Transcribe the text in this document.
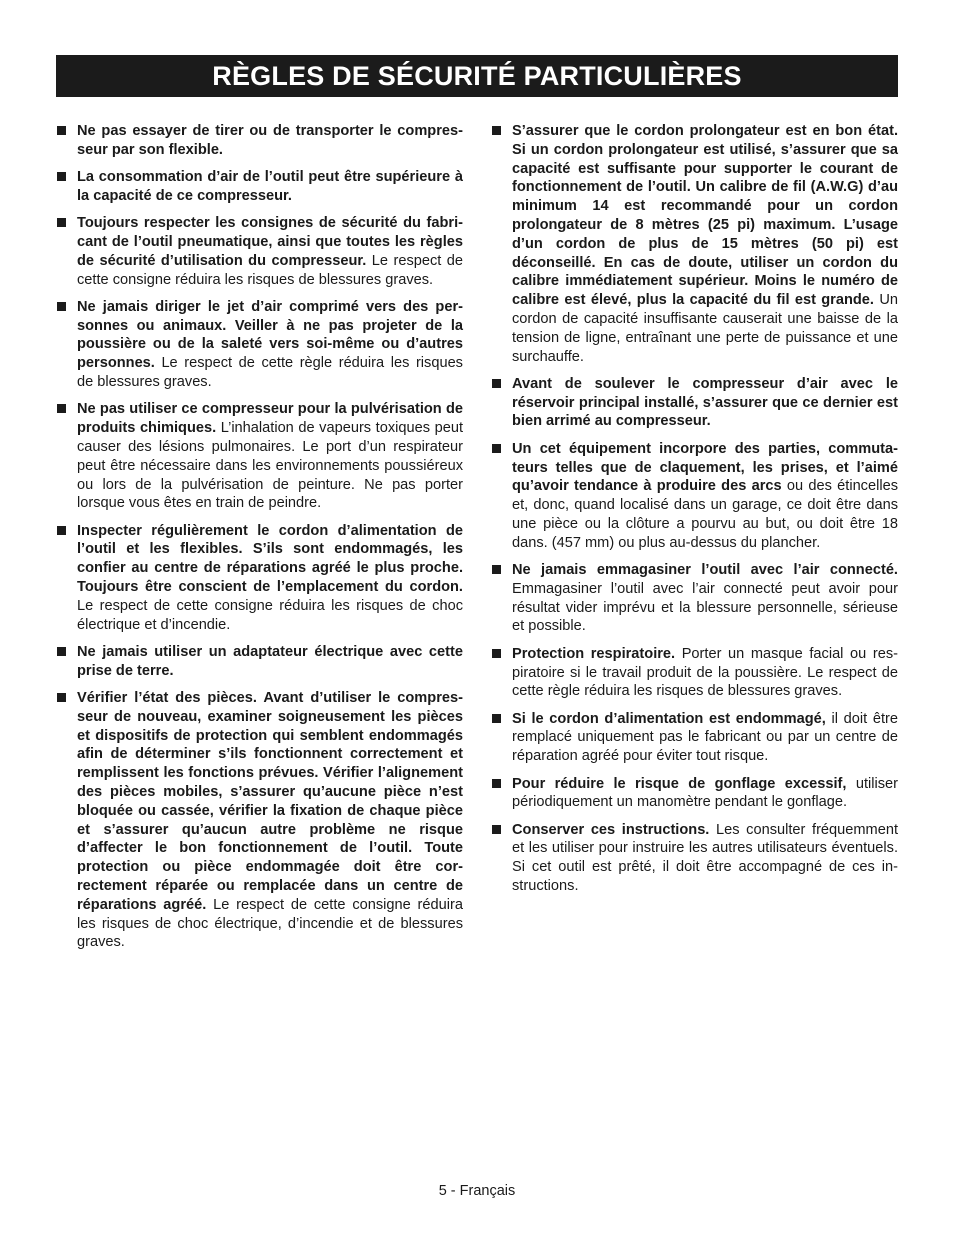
RÈGLES DE SÉCURITÉ PARTICULIÈRES

Ne pas essayer de tirer ou de transporter le compresseur par son flexible.

La consommation d’air de l’outil peut être supérieure à la capacité de ce compresseur.

Toujours respecter les consignes de sécurité du fabricant de l’outil pneumatique, ainsi que toutes les règles de sécurité d’utilisation du compresseur. Le respect de cette consigne réduira les risques de blessures graves.

Ne jamais diriger le jet d’air comprimé vers des personnes ou animaux. Veiller à ne pas projeter de la poussière ou de la saleté vers soi-même ou d’autres personnes. Le respect de cette règle réduira les risques de blessures graves.

Ne pas utiliser ce compresseur pour la pulvérisation de produits chimiques. L’inhalation de vapeurs toxiques peut causer des lésions pulmonaires. Le port d’un respirateur peut être nécessaire dans les environnements poussiéreux ou lors de la pulvérisation de peinture. Ne pas porter lorsque vous êtes en train de peindre.

Inspecter régulièrement le cordon d’alimentation de l’outil et les flexibles. S’ils sont endommagés, les confier au centre de réparations agréé le plus proche. Toujours être conscient de l’emplacement du cordon. Le respect de cette consigne réduira les risques de choc électrique et d’incendie.

Ne jamais utiliser un adaptateur électrique avec cette prise de terre.

Vérifier l’état des pièces. Avant d’utiliser le compresseur de nouveau, examiner soigneusement les pièces et dispositifs de protection qui semblent endommagés afin de déterminer s’ils fonctionnent correctement et remplissent les fonctions prévues. Vérifier l’alignement des pièces mobiles, s’assurer qu’aucune pièce n’est bloquée ou cassée, vérifier la fixation de chaque pièce et s’assurer qu’aucun autre problème ne risque d’affecter le bon fonctionnement de l’outil. Toute protection ou pièce endommagée doit être correctement réparée ou remplacée dans un centre de réparations agréé. Le respect de cette consigne réduira les risques de choc électrique, d’incendie et de blessures graves.

S’assurer que le cordon prolongateur est en bon état. Si un cordon prolongateur est utilisé, s’assurer que sa capacité est suffisante pour supporter le courant de fonctionnement de l’outil. Un calibre de fil (A.W.G) d’au minimum 14 est recommandé pour un cordon prolongateur de 8 mètres (25 pi) maximum. L’usage d’un cordon de plus de 15 mètres (50 pi) est déconseillé. En cas de doute, utiliser un cordon du calibre immédiatement supérieur. Moins le numéro de calibre est élevé, plus la capacité du fil est grande. Un cordon de capacité insuffisante causerait une baisse de la tension de ligne, entraînant une perte de puissance et une surchauffe.

Avant de soulever le compresseur d’air avec le réservoir principal installé, s’assurer que ce dernier est bien arrimé au compresseur.

Un cet équipement incorpore des parties, commutateurs telles que de claquement, les prises, et l’aimé qu’avoir tendance à produire des arcs ou des étincelles et, donc, quand localisé dans un garage, ce doit être dans une pièce ou la clôture a pourvu au but, ou doit être 18 dans. (457 mm) ou plus au-dessus du plancher.

Ne jamais emmagasiner l’outil avec l’air connecté. Emmagasiner l’outil avec l’air connecté peut avoir pour résultat vider imprévu et la blessure personnelle, sérieuse et possible.

Protection respiratoire. Porter un masque facial ou respiratoire si le travail produit de la poussière. Le respect de cette règle réduira les risques de blessures graves.

Si le cordon d’alimentation est endommagé, il doit être remplacé uniquement pas le fabricant ou par un centre de réparation agréé pour éviter tout risque.

Pour réduire le risque de gonflage excessif, utiliser périodiquement un manomètre pendant le gonflage.

Conserver ces instructions. Les consulter fréquemment et les utiliser pour instruire les autres utilisateurs éventuels. Si cet outil est prêté, il doit être accompagné de ces instructions.

5 - Français
